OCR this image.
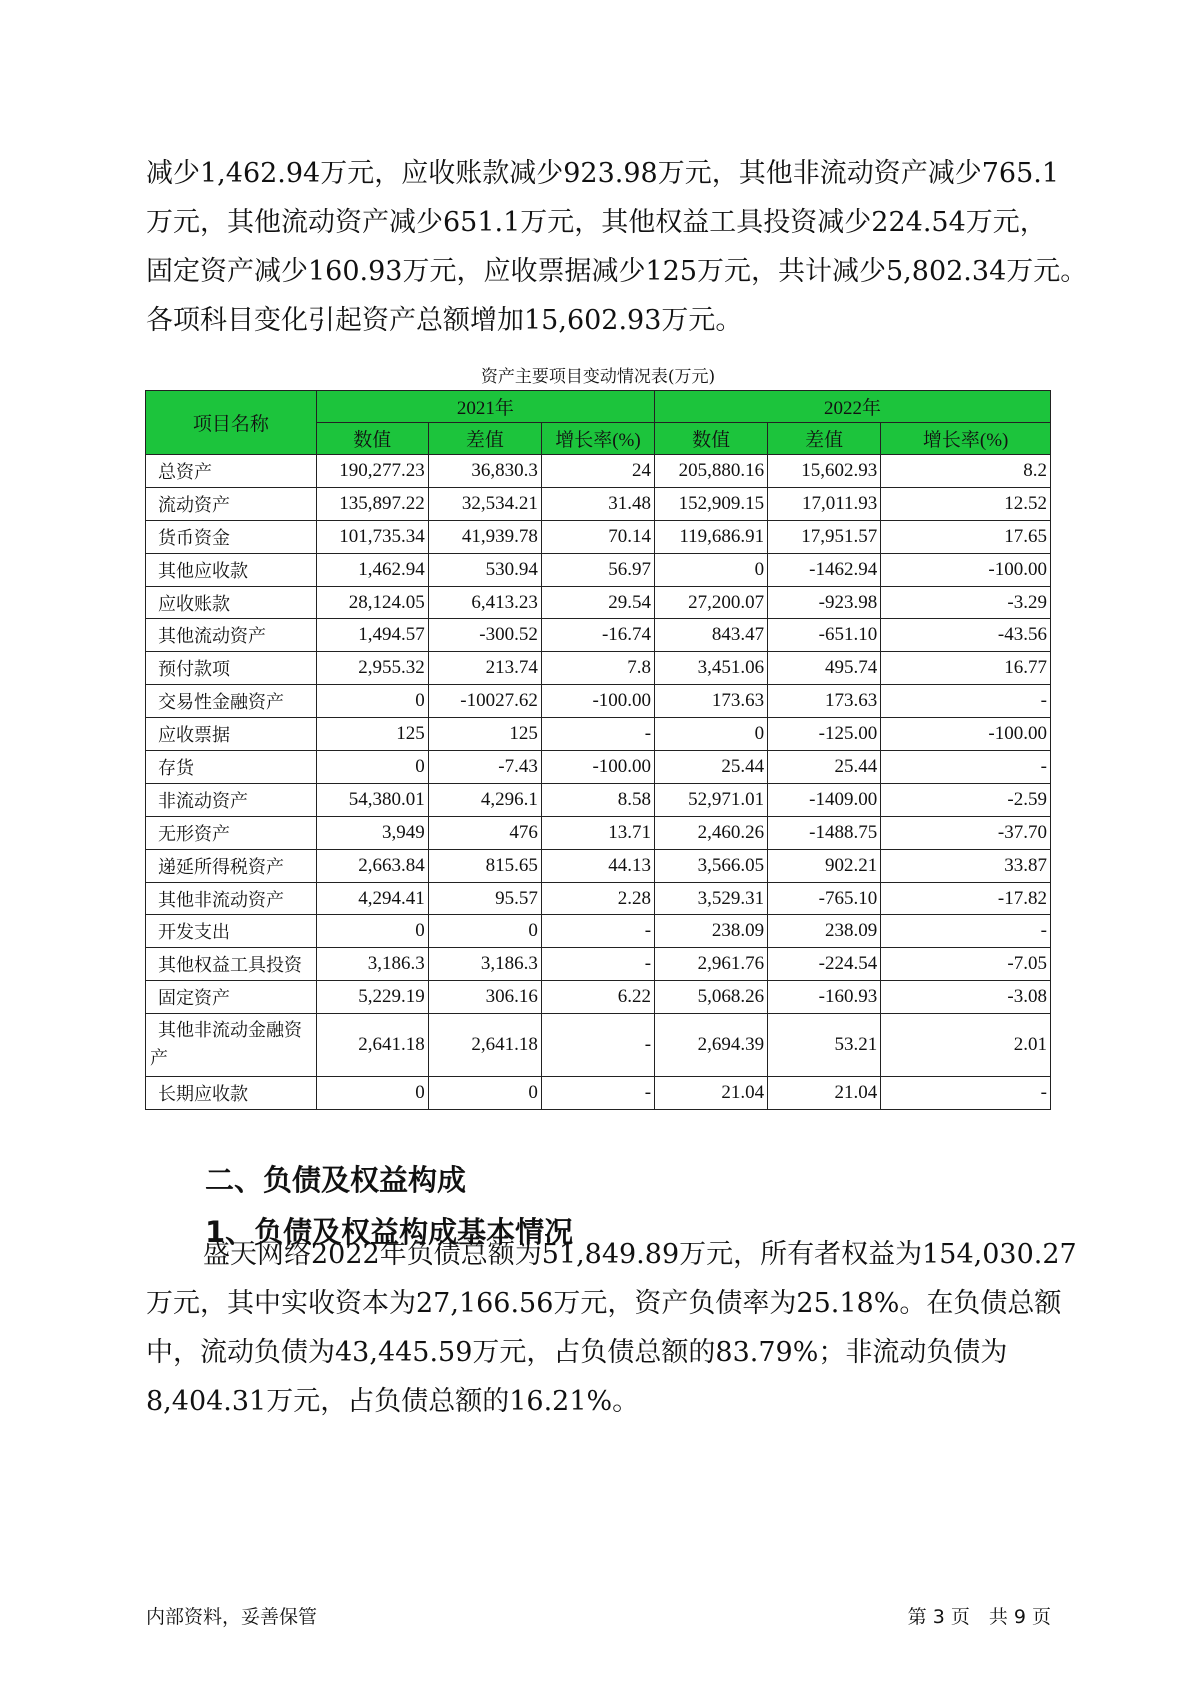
减少1,462.94万元，应收账款减少923.98万元，其他非流动资产减少765.1
万元，其他流动资产减少651.1万元，其他权益工具投资减少224.54万元，
固定资产减少160.93万元，应收票据减少125万元，共计减少5,802.34万元。
各项科目变化引起资产总额增加15,602.93万元。
资产主要项目变动情况表(万元)
项目名称	2021年			2022年		
	数值	差值	增长率(%)	数值	差值	增长率(%)
总资产	190,277.23	36,830.3	24	205,880.16	15,602.93	8.2
流动资产	135,897.22	32,534.21	31.48	152,909.15	17,011.93	12.52
货币资金	101,735.34	41,939.78	70.14	119,686.91	17,951.57	17.65
其他应收款	1,462.94	530.94	56.97	0	-1462.94	-100.00
应收账款	28,124.05	6,413.23	29.54	27,200.07	-923.98	-3.29
其他流动资产	1,494.57	-300.52	-16.74	843.47	-651.10	-43.56
预付款项	2,955.32	213.74	7.8	3,451.06	495.74	16.77
交易性金融资产	0	-10027.62	-100.00	173.63	173.63	-
应收票据	125	125	-	0	-125.00	-100.00
存货	0	-7.43	-100.00	25.44	25.44	-
非流动资产	54,380.01	4,296.1	8.58	52,971.01	-1409.00	-2.59
无形资产	3,949	476	13.71	2,460.26	-1488.75	-37.70
递延所得税资产	2,663.84	815.65	44.13	3,566.05	902.21	33.87
其他非流动资产	4,294.41	95.57	2.28	3,529.31	-765.10	-17.82
开发支出	0	0	-	238.09	238.09	-
其他权益工具投资	3,186.3	3,186.3	-	2,961.76	-224.54	-7.05
固定资产	5,229.19	306.16	6.22	5,068.26	-160.93	-3.08
其他非流动金融资产	2,641.18	2,641.18	-	2,694.39	53.21	2.01
长期应收款	0	0	-	21.04	21.04	-
二、负债及权益构成
1、负债及权益构成基本情况
盛天网络2022年负债总额为51,849.89万元，所有者权益为154,030.27
万元，其中实收资本为27,166.56万元，资产负债率为25.18%。在负债总额
中，流动负债为43,445.59万元，占负债总额的83.79%；非流动负债为
8,404.31万元，占负债总额的16.21%。
内部资料，妥善保管	第 3 页　共 9 页
